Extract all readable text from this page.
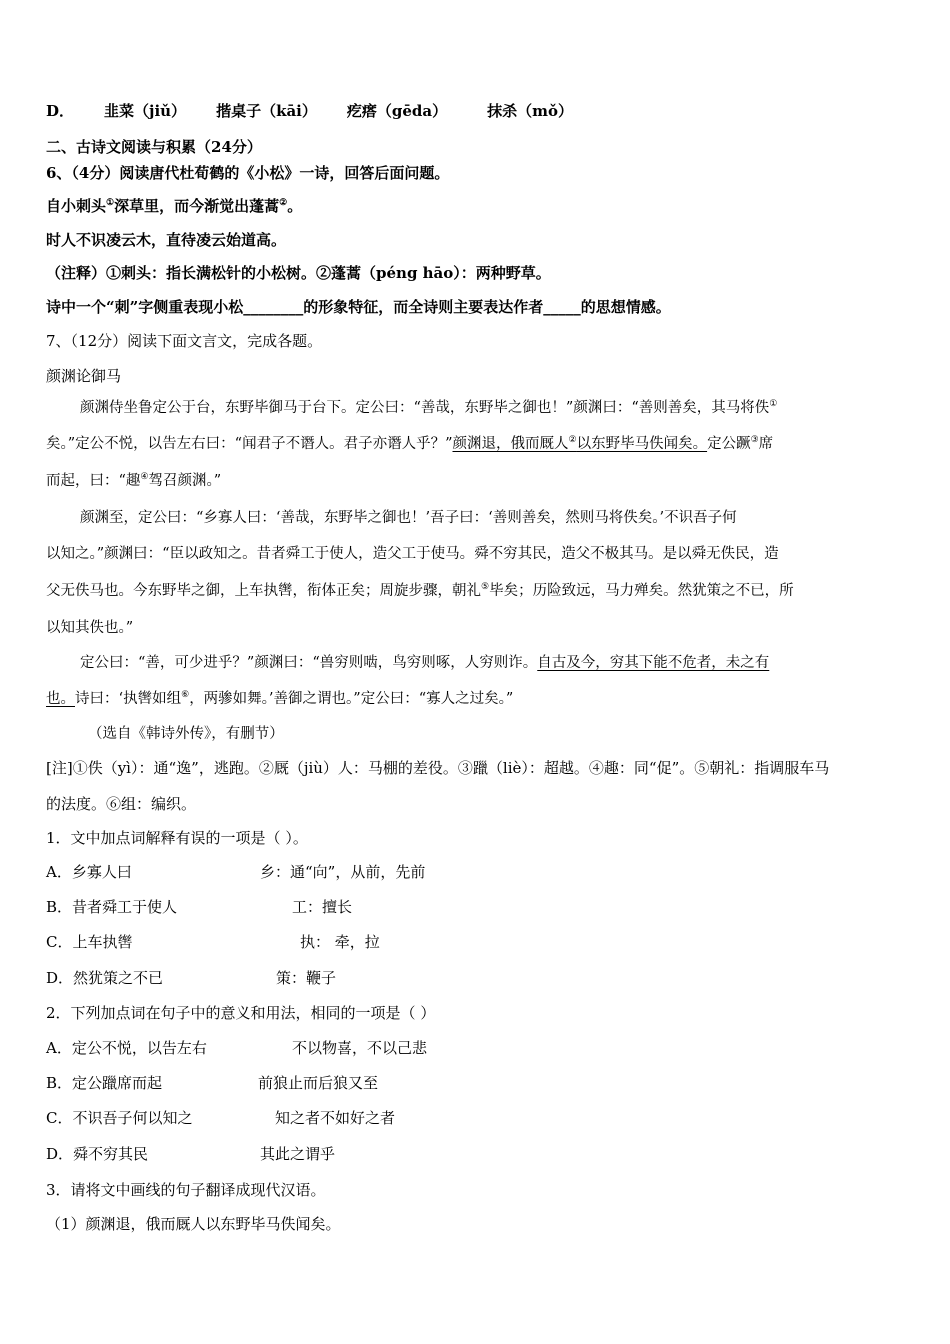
D． 韭菜（jiǔ） 揩桌子（kāi） 疙瘩（gēda）	抹杀（mǒ）
二、古诗文阅读与积累（24分）
6、（4分）阅读唐代杜荀鹤的《小松》一诗，回答后面问题。
自小刺头①深草里，而今渐觉出蓬蒿②。
时人不识凌云木，直待凌云始道高。
（注释）①刺头：指长满松针的小松树。②蓬蒿（péng hāo）：两种野草。
诗中一个“刺”字侧重表现小松________的形象特征，而全诗则主要表达作者_____的思想情感。
7、（12分）阅读下面文言文，完成各题。
颜渊论御马
颜渊侍坐鲁定公于台，东野毕御马于台下。定公曰：“善哉，东野毕之御也！”颜渊曰：“善则善矣，其马将佚①
矣。”定公不悦，以告左右曰：“闻君子不谮人。君子亦谮人乎？”颜渊退，俄而厩人②以东野毕马佚闻矣。定公蹶③席
而起，曰：“趣④驾召颜渊。”
颜渊至，定公曰：“乡寡人曰：‘善哉，东野毕之御也！’吾子曰：‘善则善矣，然则马将佚矣。’不识吾子何
以知之。”颜渊曰：“臣以政知之。昔者舜工于使人，造父工于使马。舜不穷其民，造父不极其马。是以舜无佚民，造
父无佚马也。今东野毕之御，上车执辔，衔体正矣；周旋步骤，朝礼⑤毕矣；历险致远，马力殚矣。然犹策之不已，所
以知其佚也。”
定公曰：“善，可少进乎？”颜渊曰：“兽穷则啮，鸟穷则啄，人穷则诈。自古及今，穷其下能不危者，未之有
也。诗曰：‘执辔如组⑥，两骖如舞。’善御之谓也。”定公曰：“寡人之过矣。”
（选自《韩诗外传》，有删节）
[注]①佚（yì）：通“逸”，逃跑。②厩（jiù）人：马棚的差役。③躐（liè）：超越。④趣：同“促”。⑤朝礼：指调服车马
的法度。⑥组：编织。
1．文中加点词解释有误的一项是（ ）。
A．乡寡人曰	乡：通“向”，从前，先前
B．昔者舜工于使人	工：擅长
C．上车执辔	执： 牵，拉
D．然犹策之不已	策：鞭子
2．下列加点词在句子中的意义和用法，相同的一项是（ ）
A．定公不悦，以告左右	不以物喜，不以己悲
B．定公躐席而起	前狼止而后狼又至
C．不识吾子何以知之	知之者不如好之者
D．舜不穷其民	其此之谓乎
3．请将文中画线的句子翻译成现代汉语。
（1）颜渊退，俄而厩人以东野毕马佚闻矣。
